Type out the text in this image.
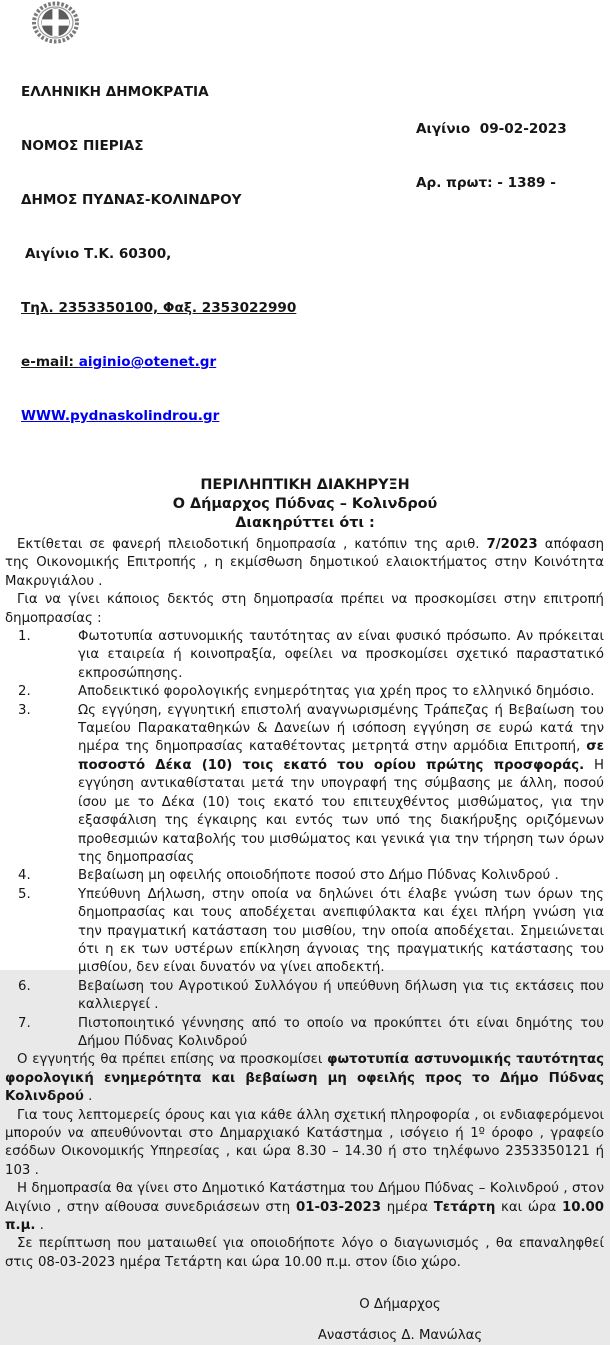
ΕΛΛΗΝΙΚΗ ΔΗΜΟΚΡΑΤΙΑ

ΝΟΜΟΣ ΠΙΕΡΙΑΣ

ΔΗΜΟΣ ΠΥΔΝΑΣ-ΚΟΛΙΝΔΡΟΥ

Αιγίνιο Τ.Κ. 60300,

Τηλ. 2353350100, Φαξ. 2353022990

e-mail: aiginio@otenet.gr

WWW.pydnaskolindrou.gr

Αιγίνιο  09-02-2023

Αρ. πρωτ: - 1389 -

ΠΕΡΙΛΗΠΤΙΚΗ ΔΙΑΚΗΡΥΞΗ
Ο Δήμαρχος Πύδνας – Κολινδρού
Διακηρύττει ότι :

Εκτίθεται σε φανερή πλειοδοτική δημοπρασία , κατόπιν της αριθ. 7/2023 απόφαση της Οικονομικής Επιτροπής , η εκμίσθωση δημοτικού ελαιοκτήματος στην Κοινότητα Μακρυγιάλου .

Για να γίνει κάποιος δεκτός στη δημοπρασία πρέπει να προσκομίσει στην επιτροπή δημοπρασίας :

1.	Φωτοτυπία αστυνομικής ταυτότητας αν είναι φυσικό πρόσωπο. Αν πρόκειται για εταιρεία ή κοινοπραξία, οφείλει να προσκομίσει σχετικό παραστατικό εκπροσώπησης.
2.	Αποδεικτικό φορολογικής ενημερότητας για χρέη προς το ελληνικό δημόσιο.
3.	Ως εγγύηση, εγγυητική επιστολή αναγνωρισμένης Τράπεζας ή Βεβαίωση του Ταμείου Παρακαταθηκών & Δανείων ή ισόποση εγγύηση σε ευρώ κατά την ημέρα της δημοπρασίας καταθέτοντας μετρητά στην αρμόδια Επιτροπή, σε ποσοστό Δέκα (10) τοις εκατό του ορίου πρώτης προσφοράς. Η εγγύηση αντικαθίσταται μετά την υπογραφή της σύμβασης με άλλη, ποσού ίσου με το Δέκα (10) τοις εκατό του επιτευχθέντος μισθώματος, για την εξασφάλιση της έγκαιρης και εντός των υπό της διακήρυξης οριζόμενων προθεσμιών καταβολής του μισθώματος και γενικά για την τήρηση των όρων της δημοπρασίας
4.	Βεβαίωση μη οφειλής οποιοδήποτε ποσού στο Δήμο Πύδνας Κολινδρού .
5.	Υπεύθυνη Δήλωση, στην οποία να δηλώνει ότι έλαβε γνώση των όρων της δημοπρασίας και τους αποδέχεται ανεπιφύλακτα και έχει πλήρη γνώση για την πραγματική κατάσταση του μισθίου, την οποία αποδέχεται. Σημειώνεται ότι η εκ των υστέρων επίκληση άγνοιας της πραγματικής κατάστασης του μισθίου, δεν είναι δυνατόν να γίνει αποδεκτή.
6.	Βεβαίωση του Αγροτικού Συλλόγου ή υπεύθυνη δήλωση για τις εκτάσεις που καλλιεργεί .
7.	Πιστοποιητικό γέννησης από το οποίο να προκύπτει ότι είναι δημότης του Δήμου Πύδνας Κολινδρού

Ο εγγυητής θα πρέπει επίσης να προσκομίσει φωτοτυπία αστυνομικής ταυτότητας φορολογική ενημερότητα και βεβαίωση μη οφειλής προς το Δήμο Πύδνας Κολινδρού .

Για τους λεπτομερείς όρους και για κάθε άλλη σχετική πληροφορία , οι ενδιαφερόμενοι μπορούν να απευθύνονται στο Δημαρχιακό Κατάστημα , ισόγειο ή 1º όροφο , γραφείο εσόδων Οικονομικής Υπηρεσίας , και ώρα 8.30 – 14.30 ή στο τηλέφωνο 2353350121 ή 103 .

Η δημοπρασία θα γίνει στο Δημοτικό Κατάστημα του Δήμου Πύδνας – Κολινδρού , στον Αιγίνιο , στην αίθουσα συνεδριάσεων στη 01-03-2023 ημέρα Τετάρτη και ώρα 10.00 π.μ. .

Σε περίπτωση που ματαιωθεί για οποιοδήποτε λόγο ο διαγωνισμός , θα επαναληφθεί στις 08-03-2023 ημέρα Τετάρτη και ώρα 10.00 π.μ. στον ίδιο χώρο.

Ο Δήμαρχος
Αναστάσιος Δ. Μανώλας
